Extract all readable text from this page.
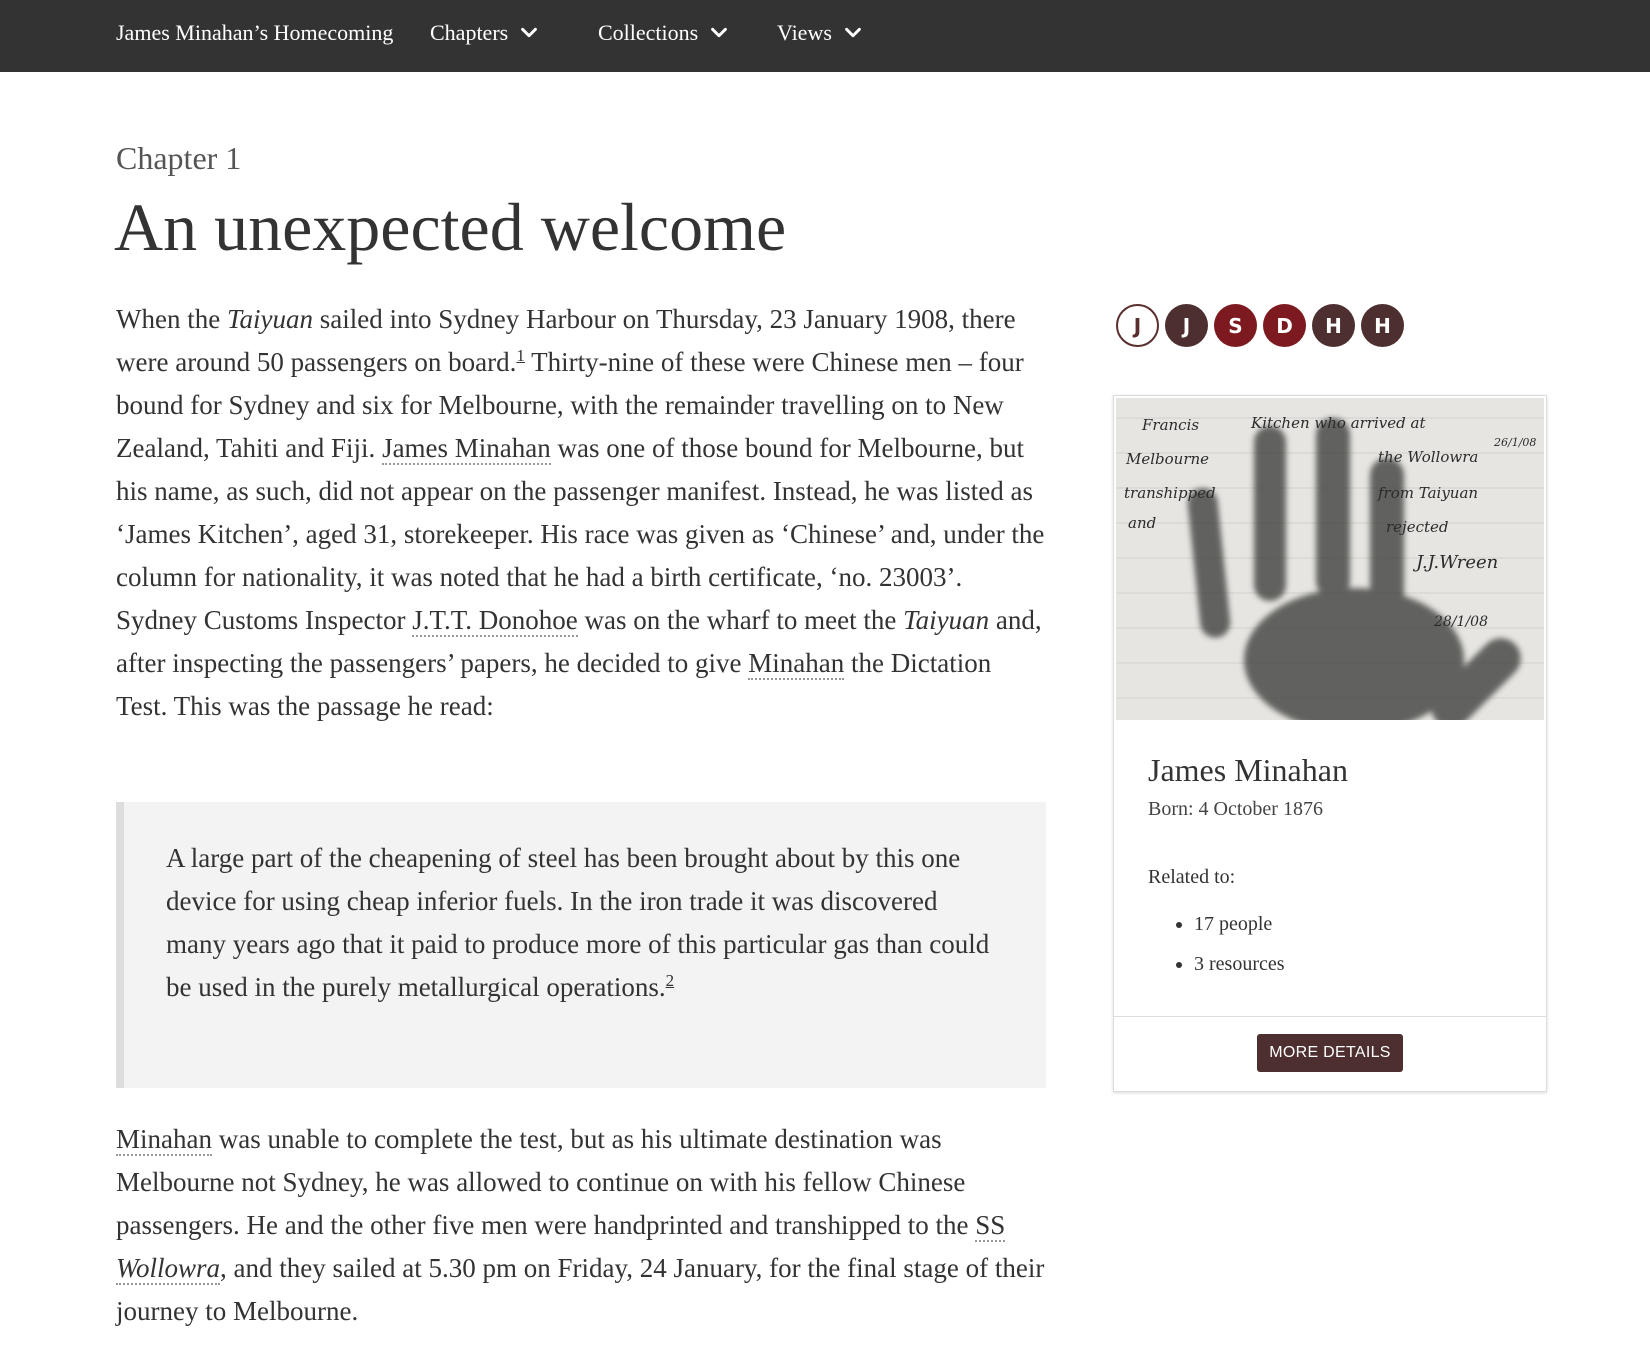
James Minahan’s Homecoming Chapters	Collections	Views
Chapter 1
An unexpected welcome

When the Taiyuan sailed into Sydney Harbour on Thursday, 23 January 1908, there were around 50 passengers on board.$^1$ Thirty-nine of these were Chinese men – four bound for Sydney and six for Melbourne, with the remainder travelling on to New Zealand, Tahiti and Fiji. James Minahan was one of those bound for Melbourne, but his name, as such, did not appear on the passenger manifest. Instead, he was listed as ‘James Kitchen’, aged 31, storekeeper. His race was given as ‘Chinese’ and, under the column for nationality, it was noted that he had a birth certificate, ‘no. 23003’. Sydney Customs Inspector J.T.T. Donohoe was on the wharf to meet the Taiyuan and, after inspecting the passengers’ papers, he decided to give Minahan the Dictation Test. This was the passage he read:

A large part of the cheapening of steel has been brought about by this one device for using cheap inferior fuels. In the iron trade it was discovered many years ago that it paid to produce more of this particular gas than could be used in the purely metallurgical operations.$^2$

Minahan was unable to complete the test, but as his ultimate destination was Melbourne not Sydney, he was allowed to continue on with his fellow Chinese passengers. He and the other five men were handprinted and transhipped to the SS Wollowra, and they sailed at 5.30 pm on Friday, 24 January, for the final stage of their journey to Melbourne.

J	J	S	D	H	H
Francis	Kitchen who arrived at
Melbourne	the Wollowra
transhipped	from Taiyuan
and	rejected
J.J.Wreen
26/1/08
28/1/08
James Minahan
Born: 4 October 1876
Related to:
• 17 people
• 3 resources
MORE DETAILS
